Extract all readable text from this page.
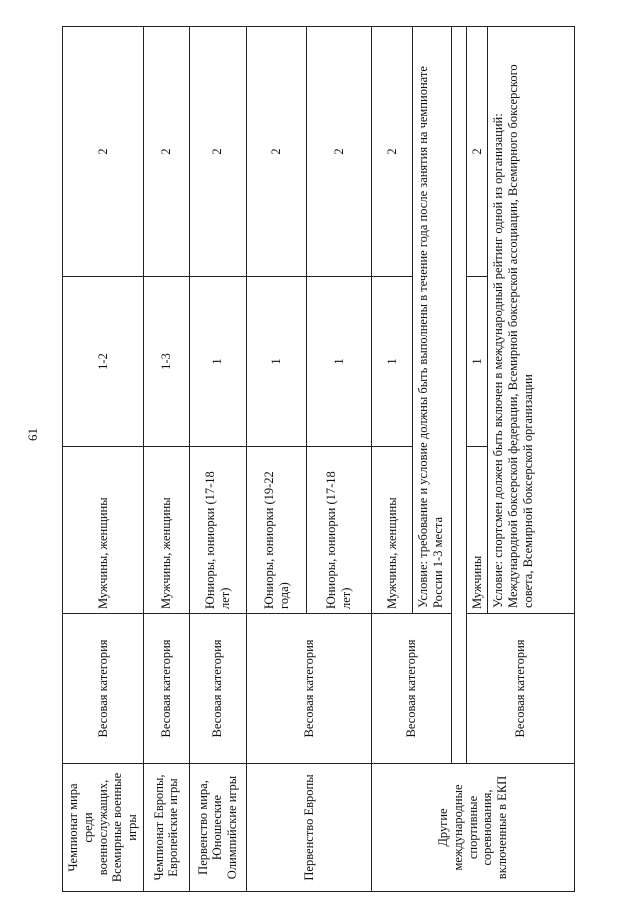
61
Чемпионат мира среди военнослужащих, Всемирные военные игры	Весовая категория	Мужчины, женщины	1-2	2
Чемпионат Европы, Европейские игры	Весовая категория	Мужчины, женщины	1-3	2
Первенство мира, Юношеские Олимпийские игры	Весовая категория	Юниоры, юниорки (17-18 лет)	1	2
Первенство Европы	Весовая категория	Юниоры, юниорки (19-22 года)	1	2
		Юниоры, юниорки (17-18 лет)	1	2
Другие международные спортивные соревнования, включенные в ЕКП	Весовая категория	Мужчины, женщины	1	2
		Условие: требование и условие должны быть выполнены в течение года после занятия на чемпионате России 1-3 места		

	Весовая категория	Мужчины	1	2
		Условие: спортсмен должен быть включен в международный рейтинг одной из организаций: Международной боксерской федерации, Всемирной боксерской ассоциации, Всемирного боксерского совета, Всемирной боксерской организации		
